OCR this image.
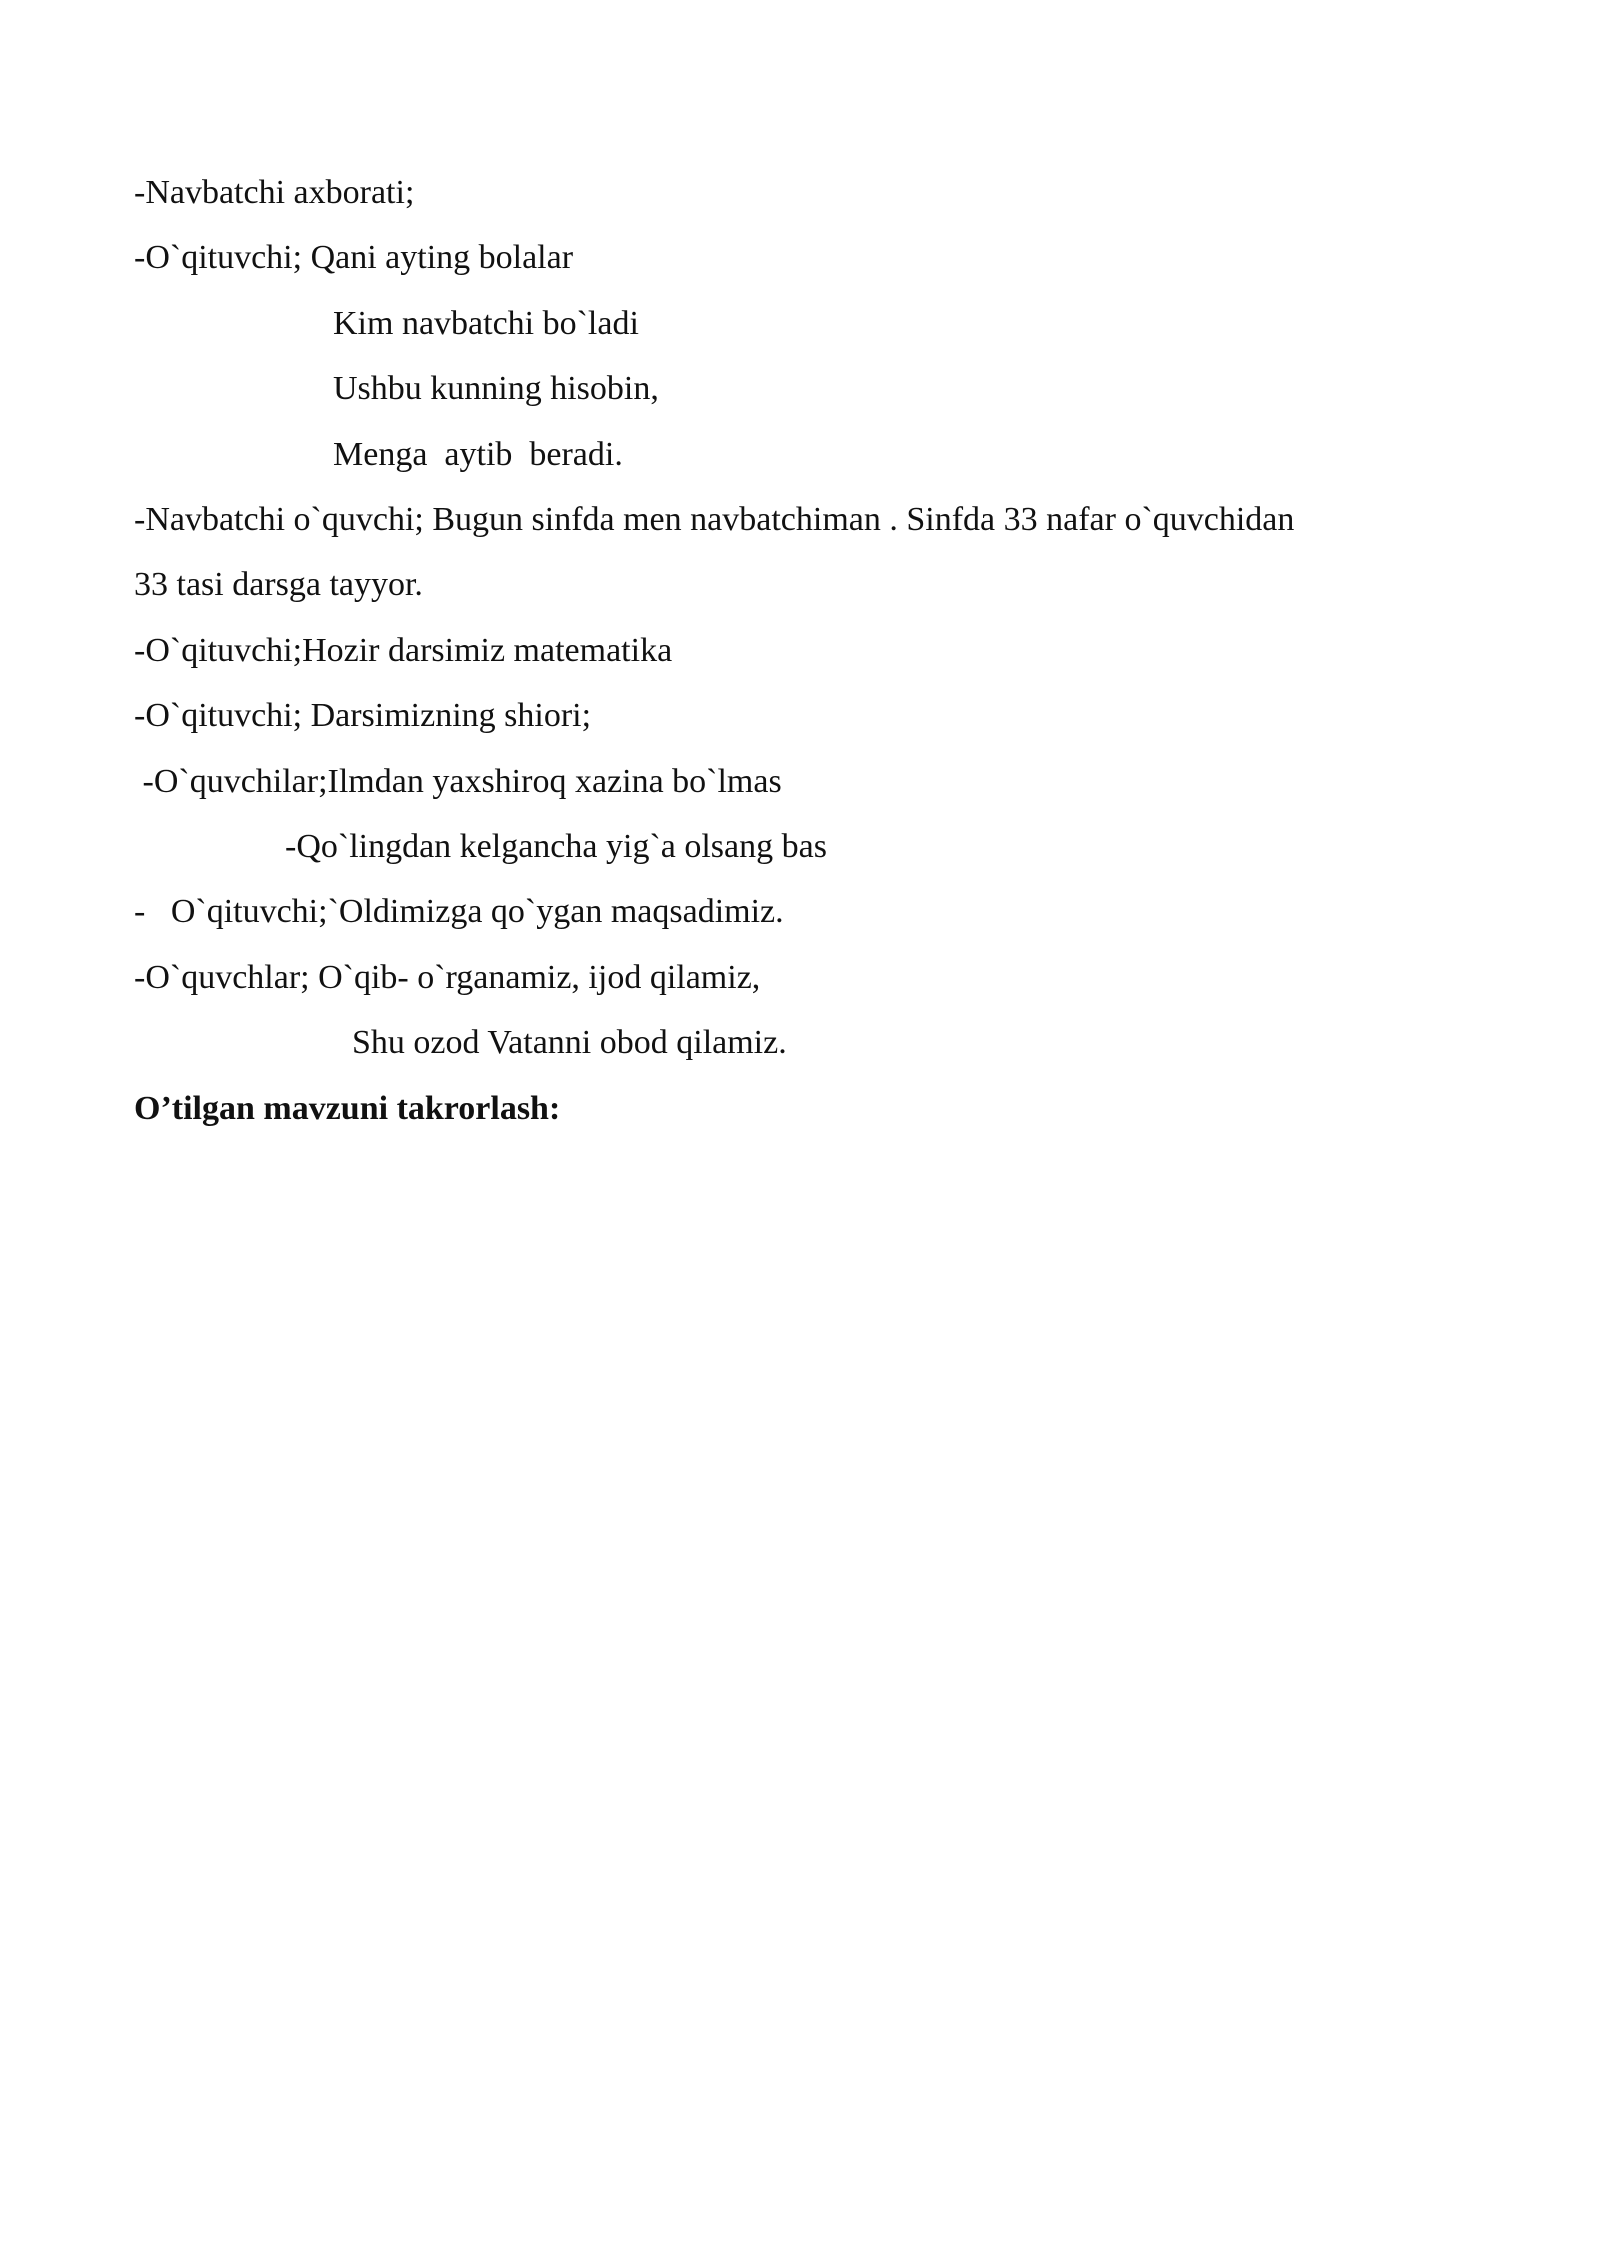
-Navbatchi axborati;

-O`qituvchi; Qani ayting bolalar

Kim navbatchi bo`ladi

Ushbu kunning hisobin,

Menga  aytib  beradi.

-Navbatchi o`quvchi; Bugun sinfda men navbatchiman . Sinfda 33 nafar o`quvchidan

33 tasi darsga tayyor.

-O`qituvchi;Hozir darsimiz matematika

-O`qituvchi; Darsimizning shiori;

-O`quvchilar;Ilmdan yaxshiroq xazina bo`lmas

-Qo`lingdan kelgancha yig`a olsang bas

-   O`qituvchi;`Oldimizga qo`ygan maqsadimiz.

-O`quvchlar; O`qib- o`rganamiz, ijod qilamiz,

Shu ozod Vatanni obod qilamiz.

O’tilgan mavzuni takrorlash:
